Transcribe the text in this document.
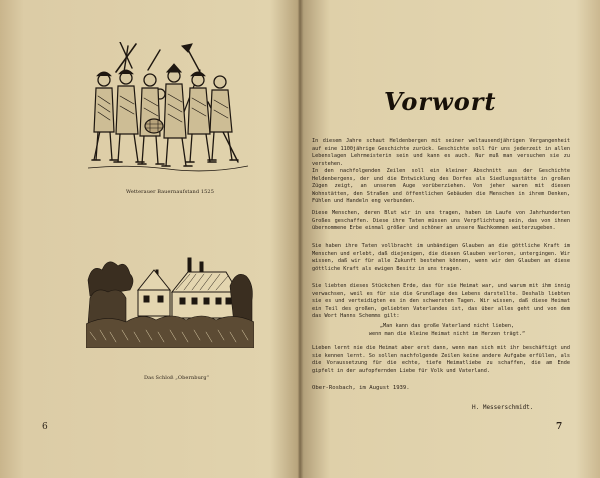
Wetterauer Bauernaufstand 1525
Das Schloß „Obernburg“
6
Vorwort

In diesem Jahre schaut Heldenbergen mit seiner weltausendjährigen Vergangenheit auf eine 1100jährige Geschichte zurück. Geschichte soll für uns jederzeit in allen Lebenslagen Lehrmeisterin sein und kann es auch. Nur muß man versuchen sie zu verstehen.

In den nachfolgenden Zeilen soll ein kleiner Abschnitt aus der Geschichte Heldenbergens, der und die Entwicklung des Dorfes als Siedlungsstätte in großen Zügen zeigt, an unserem Auge vorüberziehen. Von jeher waren mit diesen Wohnstätten, den Straßen und öffentlichen Gebäuden die Menschen in ihrem Denken, Fühlen und Handeln eng verbunden.

Diese Menschen, deren Blut wir in uns tragen, haben im Laufe von Jahrhunderten Großes geschaffen. Diese ihre Taten müssen uns Verpflichtung sein, das von ihnen übernommene Erbe einmal größer und schöner an unsere Nachkommen weiterzugeben.

Sie haben ihre Taten vollbracht im unbändigen Glauben an die göttliche Kraft im Menschen und erlebt, daß diejenigen, die diesen Glauben verloren, untergingen. Wir wissen, daß wir für alle Zukunft bestehen können, wenn wir den Glauben an diese göttliche Kraft als ewigen Besitz in uns tragen.

Sie liebten dieses Stückchen Erde, das für sie Heimat war, und warum mit ihm innig verwachsen, weil es für sie die Grundlage des Lebens darstellte. Deshalb liebten sie es und verteidigten es in den schwersten Tagen. Wir wissen, daß diese Heimat ein Teil des großen, geliebten Vaterlandes ist, das über alles geht und von dem das Wort Hanns Schemms gilt:

„Man kann das große Vaterland nicht lieben,

wenn man die kleine Heimat nicht im Herzen trägt.“

Lieben lernt nie die Heimat aber erst dann, wenn man sich mit ihr beschäftigt und sie kennen lernt. So sollen nachfolgende Zeilen keine andere Aufgabe erfüllen, als die Voraussetzung für die echte, tiefe Heimatliebe zu schaffen, die am Ende gipfelt in der aufopfernden Liebe für Volk und Vaterland.

Ober-Rosbach, im August 1939.
H. Messerschmidt.
7
